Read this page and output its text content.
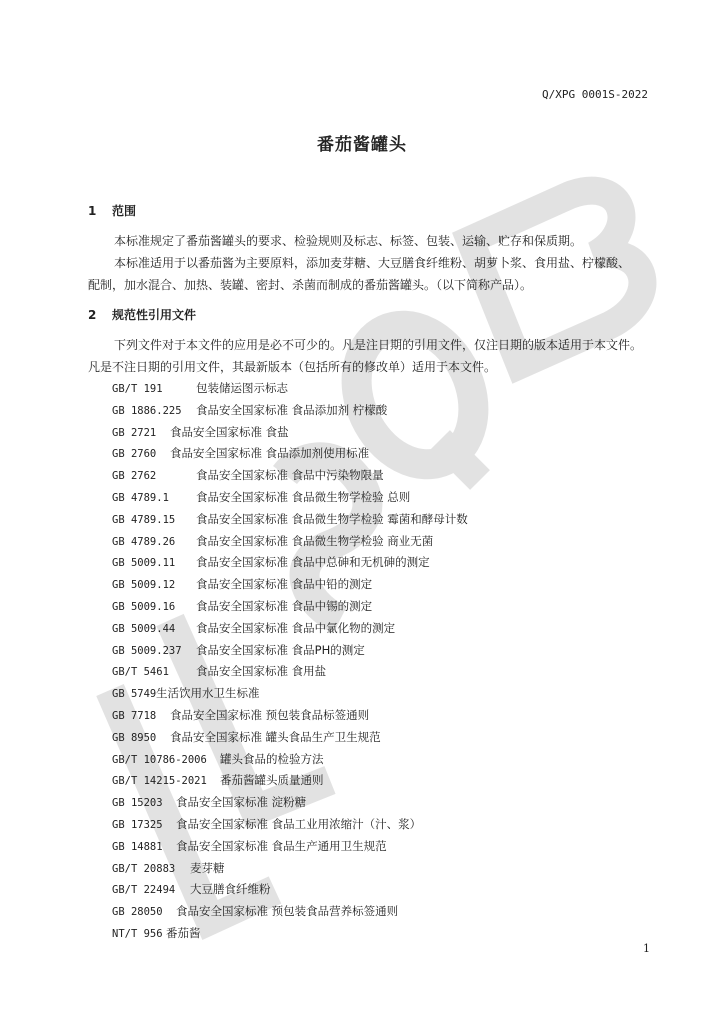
Q/XPG 0001S-2022
番茄酱罐头
1 范围
本标准规定了番茄酱罐头的要求、检验规则及标志、标签、包装、运输、贮存和保质期。
本标准适用于以番茄酱为主要原料，添加麦芽糖、大豆膳食纤维粉、胡萝卜浆、食用盐、柠檬酸、
配制，加水混合、加热、装罐、密封、杀菌而制成的番茄酱罐头。（以下简称产品）。
2 规范性引用文件
下列文件对于本文件的应用是必不可少的。凡是注日期的引用文件，仅注日期的版本适用于本文件。
凡是不注日期的引用文件，其最新版本（包括所有的修改单）适用于本文件。
GB/T 191	包装储运图示标志
GB 1886.225 食品安全国家标准 食品添加剂 柠檬酸
GB 2721 食品安全国家标准 食盐
GB 2760 食品安全国家标准 食品添加剂使用标准
GB 2762	食品安全国家标准 食品中污染物限量
GB 4789.1 食品安全国家标准 食品微生物学检验 总则
GB 4789.15 食品安全国家标准 食品微生物学检验 霉菌和酵母计数
GB 4789.26 食品安全国家标准 食品微生物学检验 商业无菌
GB 5009.11 食品安全国家标准 食品中总砷和无机砷的测定
GB 5009.12 食品安全国家标准 食品中铅的测定
GB 5009.16 食品安全国家标准 食品中锡的测定
GB 5009.44 食品安全国家标准 食品中氯化物的测定
GB 5009.237 食品安全国家标准 食品PH的测定
GB/T 5461 食品安全国家标准 食用盐
GB 5749生活饮用水卫生标准
GB 7718 食品安全国家标准 预包装食品标签通则
GB 8950 食品安全国家标准 罐头食品生产卫生规范
GB/T 10786-2006 罐头食品的检验方法
GB/T 14215-2021 番茄酱罐头质量通则
GB 15203 食品安全国家标准 淀粉糖
GB 17325 食品安全国家标准 食品工业用浓缩汁（汁、浆）
GB 14881 食品安全国家标准 食品生产通用卫生规范
GB/T 20883 麦芽糖
GB/T 22494 大豆膳食纤维粉
GB 28050 食品安全国家标准 预包装食品营养标签通则
NT/T 956 番茄酱
1
